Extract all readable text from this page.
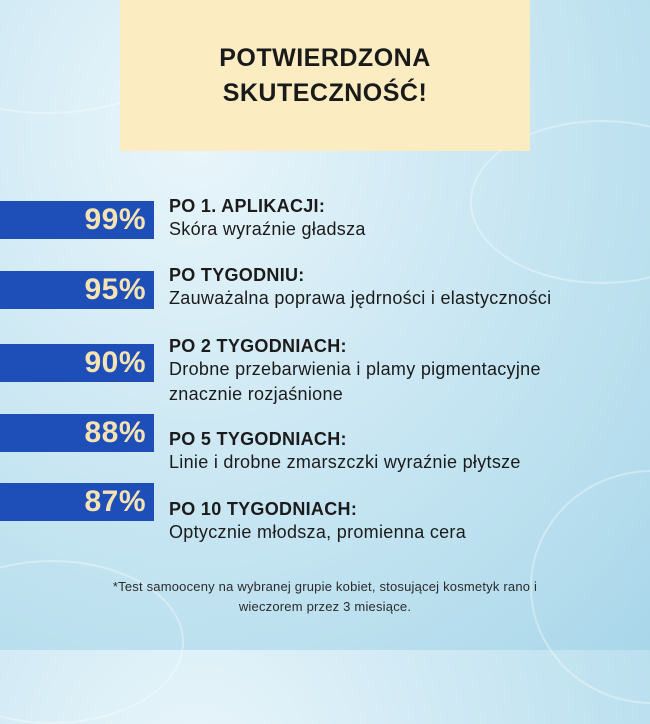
POTWIERDZONA SKUTECZNOŚĆ!
99% PO 1. APLIKACJI:
Skóra wyraźnie gładsza
95% PO TYGODNIU:
Zauważalna poprawa jędrności i elastyczności
90% PO 2 TYGODNIACH:
Drobne przebarwienia i plamy pigmentacyjne znacznie rozjaśnione
88% PO 5 TYGODNIACH:
Linie i drobne zmarszczki wyraźnie płytsze
87% PO 10 TYGODNIACH:
Optycznie młodsza, promienna cera
*Test samooceny na wybranej grupie kobiet, stosującej kosmetyk rano i wieczorem przez 3 miesiące.
